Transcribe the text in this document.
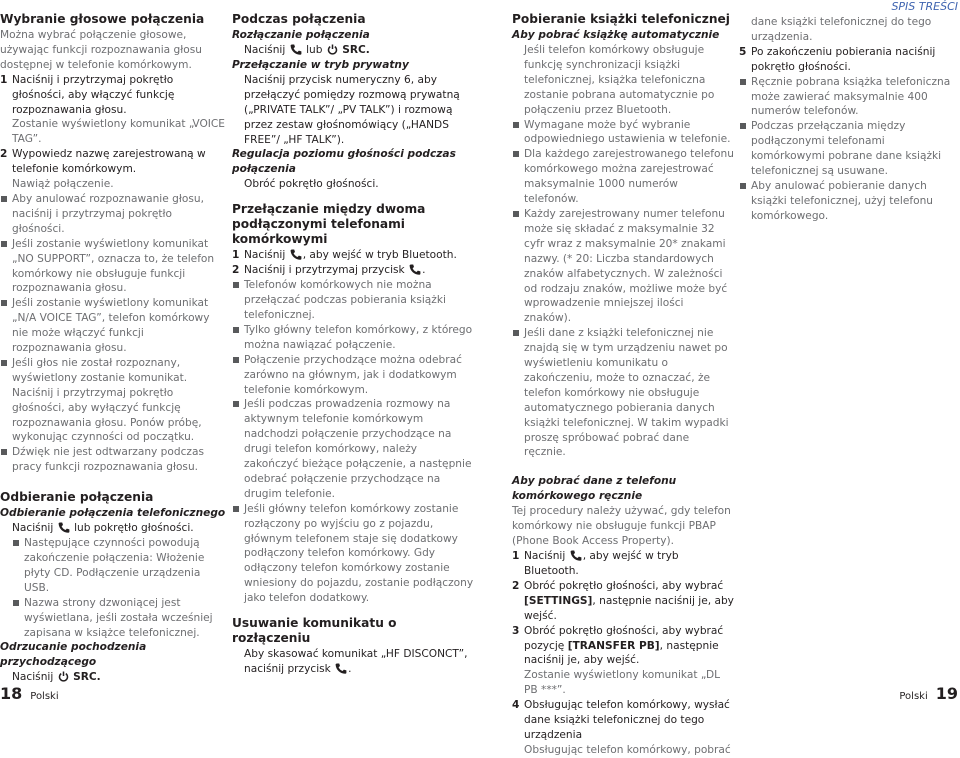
SPIS TREŚCI
Wybranie głosowe połączenia
Można wybrać połączenie głosowe, używając funkcji rozpoznawania głosu dostępnej w telefonie komórkowym.
1 Naciśnij i przytrzymaj pokrętło głośności, aby włączyć funkcję rozpoznawania głosu.
Zostanie wyświetlony komunikat „VOICE TAG”.
2 Wypowiedz nazwę zarejestrowaną w telefonie komórkowym.
Nawiąż połączenie.
Aby anulować rozpoznawanie głosu, naciśnij i przytrzymaj pokrętło głośności.
Jeśli zostanie wyświetlony komunikat „NO SUPPORT”, oznacza to, że telefon komórkowy nie obsługuje funkcji rozpoznawania głosu.
Jeśli zostanie wyświetlony komunikat „N/A VOICE TAG”, telefon komórkowy nie może włączyć funkcji rozpoznawania głosu.
Jeśli głos nie został rozpoznany, wyświetlony zostanie komunikat. Naciśnij i przytrzymaj pokrętło głośności, aby wyłączyć funkcję rozpoznawania głosu. Ponów próbę, wykonując czynności od początku.
Dźwięk nie jest odtwarzany podczas pracy funkcji rozpoznawania głosu.
Odbieranie połączenia
Odbieranie połączenia telefonicznego
Naciśnij lub pokrętło głośności.
Następujące czynności powodują zakończenie połączenia: Włożenie płyty CD. Podłączenie urządzenia USB.
Nazwa strony dzwoniącej jest wyświetlana, jeśli została wcześniej zapisana w książce telefonicznej.
Odrzucanie pochodzenia przychodzącego
Naciśnij SRC.
Podczas połączenia
Rozłączanie połączenia
Naciśnij lub SRC.
Przełączanie w tryb prywatny
Naciśnij przycisk numeryczny 6, aby przełączyć pomiędzy rozmową prywatną („PRIVATE TALK”/ „PV TALK”) i rozmową przez zestaw głośnomówiący („HANDS FREE”/ „HF TALK”).
Regulacja poziomu głośności podczas połączenia
Obróć pokrętło głośności.
Przełączanie między dwoma podłączonymi telefonami komórkowymi
1 Naciśnij , aby wejść w tryb Bluetooth.
2 Naciśnij i przytrzymaj przycisk .
Telefonów komórkowych nie można przełączać podczas pobierania książki telefonicznej.
Tylko główny telefon komórkowy, z którego można nawiązać połączenie.
Połączenie przychodzące można odebrać zarówno na głównym, jak i dodatkowym telefonie komórkowym.
Jeśli podczas prowadzenia rozmowy na aktywnym telefonie komórkowym nadchodzi połączenie przychodzące na drugi telefon komórkowy, należy zakończyć bieżące połączenie, a następnie odebrać połączenie przychodzące na drugim telefonie.
Jeśli główny telefon komórkowy zostanie rozłączony po wyjściu go z pojazdu, głównym telefonem staje się dodatkowy podłączony telefon komórkowy. Gdy odłączony telefon komórkowy zostanie wniesiony do pojazdu, zostanie podłączony jako telefon dodatkowy.
Usuwanie komunikatu o rozłączeniu
Aby skasować komunikat „HF DISCONCT”, naciśnij przycisk .
Pobieranie książki telefonicznej
Aby pobrać książkę automatycznie
Jeśli telefon komórkowy obsługuje funkcję synchronizacji książki telefonicznej, książka telefoniczna zostanie pobrana automatycznie po połączeniu przez Bluetooth.
Wymagane może być wybranie odpowiedniego ustawienia w telefonie.
Dla każdego zarejestrowanego telefonu komórkowego można zarejestrować maksymalnie 1000 numerów telefonów.
Każdy zarejestrowany numer telefonu może się składać z maksymalnie 32 cyfr wraz z maksymalnie 20* znakami nazwy. (* 20: Liczba standardowych znaków alfabetycznych. W zależności od rodzaju znaków, możliwe może być wprowadzenie mniejszej ilości znaków).
Jeśli dane z książki telefonicznej nie znajdą się w tym urządzeniu nawet po wyświetleniu komunikatu o zakończeniu, może to oznaczać, że telefon komórkowy nie obsługuje automatycznego pobierania danych książki telefonicznej. W takim wypadki proszę spróbować pobrać dane ręcznie.
Aby pobrać dane z telefonu komórkowego ręcznie
Tej procedury należy używać, gdy telefon komórkowy nie obsługuje funkcji PBAP (Phone Book Access Property).
1 Naciśnij , aby wejść w tryb Bluetooth.
2 Obróć pokrętło głośności, aby wybrać [SETTINGS], następnie naciśnij je, aby wejść.
3 Obróć pokrętło głośności, aby wybrać pozycję [TRANSFER PB], następnie naciśnij je, aby wejść.
Zostanie wyświetlony komunikat „DL PB ***”.
4 Obsługując telefon komórkowy, wysłać dane książki telefonicznej do tego urządzenia
Obsługując telefon komórkowy, pobrać
dane książki telefonicznej do tego urządzenia.
5 Po zakończeniu pobierania naciśnij pokrętło głośności.
Ręcznie pobrana książka telefoniczna może zawierać maksymalnie 400 numerów telefonów.
Podczas przełączania między podłączonymi telefonami komórkowymi pobrane dane książki telefonicznej są usuwane.
Aby anulować pobieranie danych książki telefonicznej, użyj telefonu komórkowego.
18 Polski	Polski 19
